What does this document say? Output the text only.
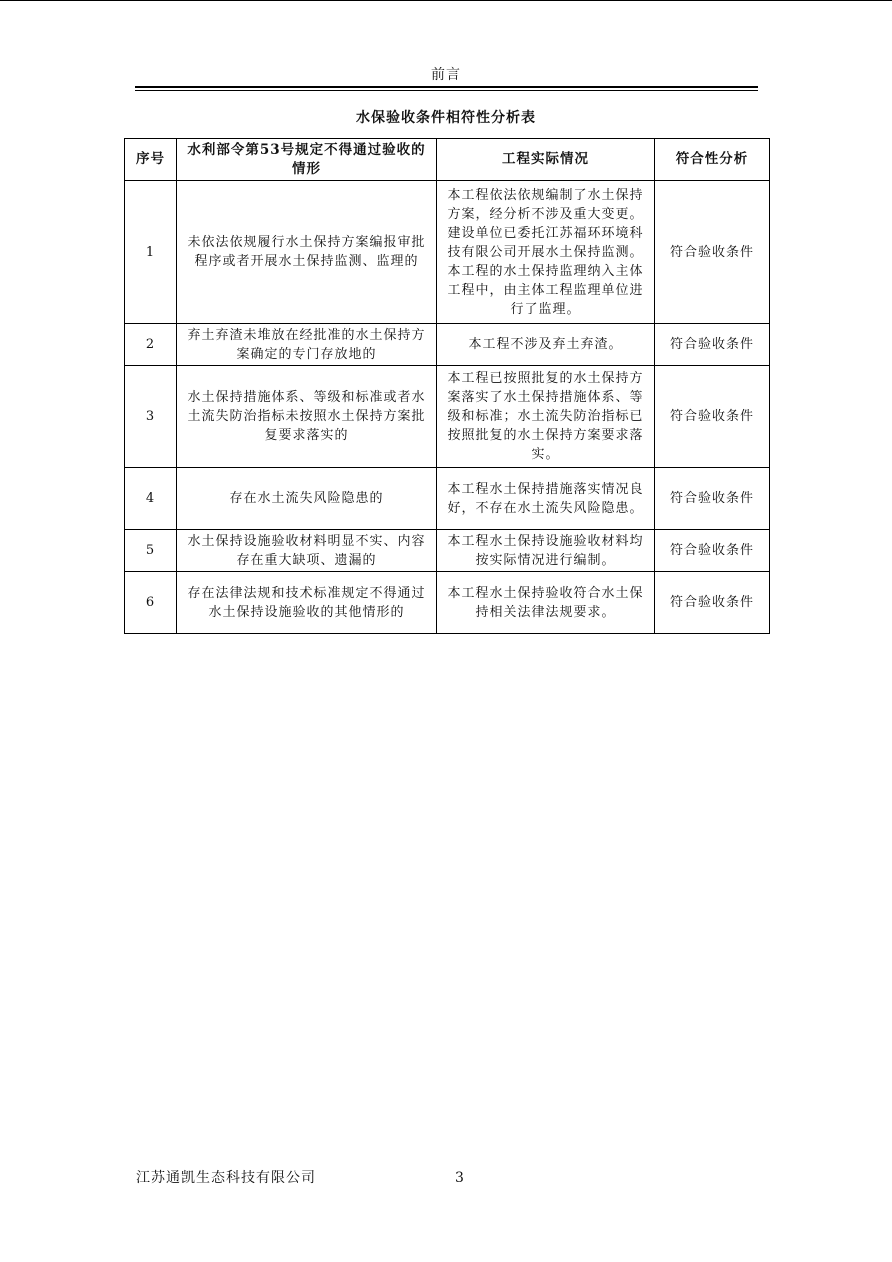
前言
水保验收条件相符性分析表
序号	水利部令第53号规定不得通过验收的情形	工程实际情况	符合性分析
1	未依法依规履行水土保持方案编报审批程序或者开展水土保持监测、监理的	本工程依法依规编制了水土保持方案，经分析不涉及重大变更。建设单位已委托江苏福环环境科技有限公司开展水土保持监测。本工程的水土保持监理纳入主体工程中，由主体工程监理单位进行了监理。	符合验收条件
2	弃土弃渣未堆放在经批准的水土保持方案确定的专门存放地的	本工程不涉及弃土弃渣。	符合验收条件
3	水土保持措施体系、等级和标准或者水土流失防治指标未按照水土保持方案批复要求落实的	本工程已按照批复的水土保持方案落实了水土保持措施体系、等级和标准；水土流失防治指标已按照批复的水土保持方案要求落实。	符合验收条件
4	存在水土流失风险隐患的	本工程水土保持措施落实情况良好，不存在水土流失风险隐患。	符合验收条件
5	水土保持设施验收材料明显不实、内容存在重大缺项、遗漏的	本工程水土保持设施验收材料均按实际情况进行编制。	符合验收条件
6	存在法律法规和技术标准规定不得通过水土保持设施验收的其他情形的	本工程水土保持验收符合水土保持相关法律法规要求。	符合验收条件
江苏通凯生态科技有限公司	3
